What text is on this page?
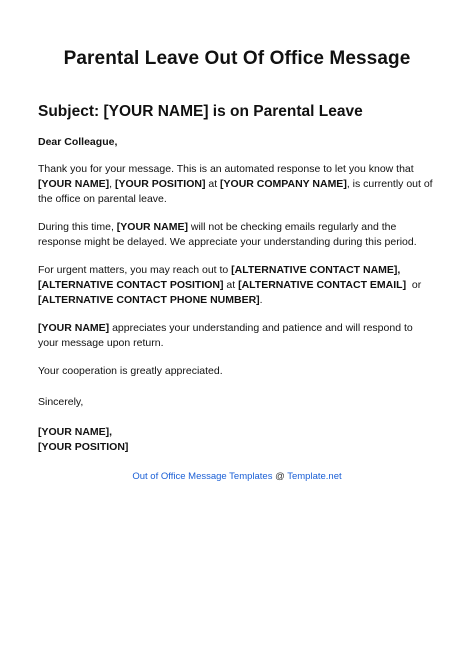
Parental Leave Out Of Office Message
Subject: [YOUR NAME] is on Parental Leave

Dear Colleague,

Thank you for your message. This is an automated response to let you know that [YOUR NAME], [YOUR POSITION] at [YOUR COMPANY NAME], is currently out of the office on parental leave.

During this time, [YOUR NAME] will not be checking emails regularly and the response might be delayed. We appreciate your understanding during this period.

For urgent matters, you may reach out to [ALTERNATIVE CONTACT NAME], [ALTERNATIVE CONTACT POSITION] at [ALTERNATIVE CONTACT EMAIL]  or [ALTERNATIVE CONTACT PHONE NUMBER].

[YOUR NAME] appreciates your understanding and patience and will respond to your message upon return.

Your cooperation is greatly appreciated.

Sincerely,

[YOUR NAME],
[YOUR POSITION]

Out of Office Message Templates @ Template.net
